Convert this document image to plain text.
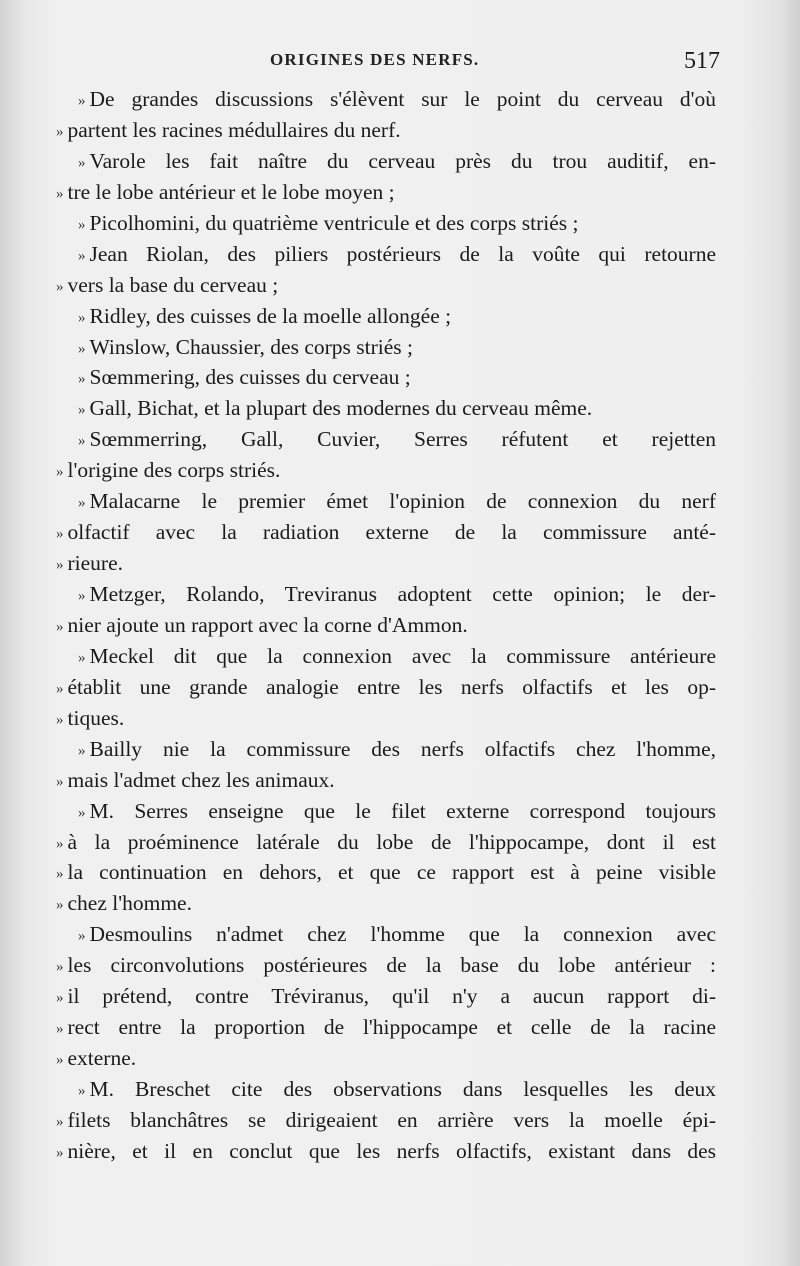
ORIGINES DES NERFS.	517
» De grandes discussions s'élèvent sur le point du cerveau d'où
» partent les racines médullaires du nerf.
» Varole les fait naître du cerveau près du trou auditif, en-
» tre le lobe antérieur et le lobe moyen ;
» Picolhomini, du quatrième ventricule et des corps striés ;
» Jean Riolan, des piliers postérieurs de la voûte qui retourne
» vers la base du cerveau ;
» Ridley, des cuisses de la moelle allongée ;
» Winslow, Chaussier, des corps striés ;
» Sœmmering, des cuisses du cerveau ;
» Gall, Bichat, et la plupart des modernes du cerveau même.
» Sœmmerring, Gall, Cuvier, Serres réfutent et rejetten
» l'origine des corps striés.
» Malacarne le premier émet l'opinion de connexion du nerf
» olfactif avec la radiation externe de la commissure anté-
» rieure.
» Metzger, Rolando, Treviranus adoptent cette opinion; le der-
» nier ajoute un rapport avec la corne d'Ammon.
» Meckel dit que la connexion avec la commissure antérieure
» établit une grande analogie entre les nerfs olfactifs et les op-
» tiques.
» Bailly nie la commissure des nerfs olfactifs chez l'homme,
» mais l'admet chez les animaux.
» M. Serres enseigne que le filet externe correspond toujours
» à la proéminence latérale du lobe de l'hippocampe, dont il est
» la continuation en dehors, et que ce rapport est à peine visible
» chez l'homme.
» Desmoulins n'admet chez l'homme que la connexion avec
» les circonvolutions postérieures de la base du lobe antérieur :
» il prétend, contre Tréviranus, qu'il n'y a aucun rapport di-
» rect entre la proportion de l'hippocampe et celle de la racine
» externe.
» M. Breschet cite des observations dans lesquelles les deux
» filets blanchâtres se dirigeaient en arrière vers la moelle épi-
» nière, et il en conclut que les nerfs olfactifs, existant dans des
